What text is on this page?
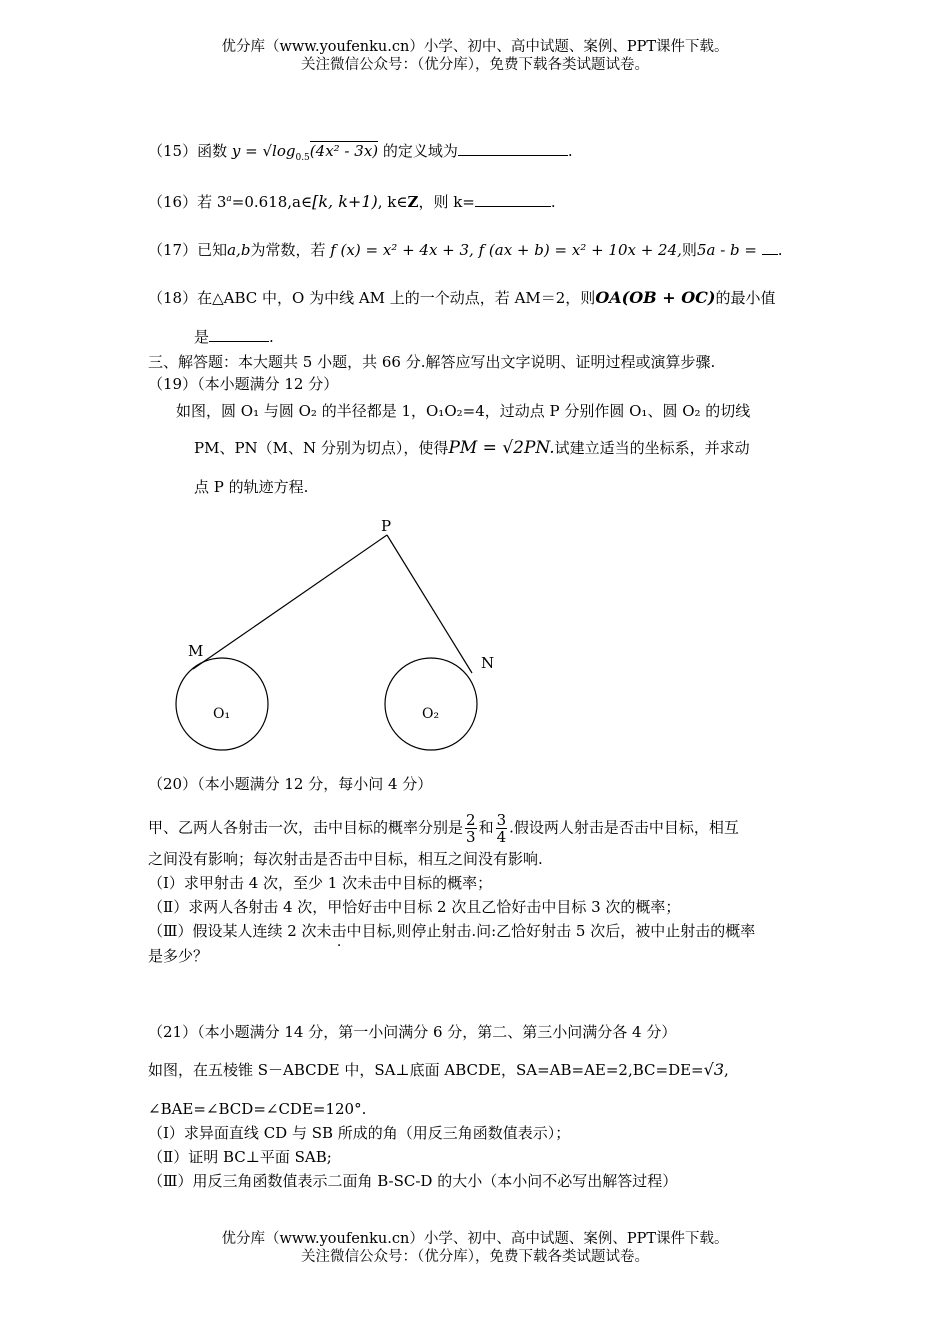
优分库（www.youfenku.cn）小学、初中、高中试题、案例、PPT课件下载。
关注微信公众号：（优分库），免费下载各类试题试卷。
（15）函数 $y = √\log_{0.5}(4x^2 - 3x)$ 的定义域为	.
（16）若 $3^a=0.618,a\in[k$, k+1), k∈Z，则 k=	.
（17）已知a,b为常数，若 f (x) = x² + 4x + 3, f (ax + b) = x² + 10x + 24,则5a - b = .
（18）在△ABC 中，O 为中线 AM 上的一个动点，若 AM＝2，则OA(OB + OC)的最小值
是	.
三、解答题：本大题共 5 小题，共 66 分.解答应写出文字说明、证明过程或演算步骤.
（19）（本小题满分 12 分）
如图，圆 O₁ 与圆 O₂ 的半径都是 1，O₁O₂=4，过动点 P 分别作圆 O₁、圆 O₂ 的切线
PM、PN（M、N 分别为切点），使得PM = √2PN.试建立适当的坐标系，并求动
点 P 的轨迹方程.
P
M
N
O₁	O₂
（20）（本小题满分 12 分，每小问 4 分）
甲、乙两人各射击一次，击中目标的概率分别是 $\frac{2}{3}$ 和 $\frac{3}{4}$ .假设两人射击是否击中目标，相互
之间没有影响；每次射击是否击中目标，相互之间没有影响.
（Ⅰ）求甲射击 4 次，至少 1 次未击中目标的概率；
（Ⅱ）求两人各射击 4 次，甲恰好击中目标 2 次且乙恰好击中目标 3 次的概率；
（Ⅲ）假设某人连续 2 次未击中目标,则停止射击.问:乙恰好射击 5 次后，被中止射击的概率
是多少？
（21）（本小题满分 14 分，第一小问满分 6 分，第二、第三小问满分各 4 分）
如图，在五棱锥 S－ABCDE 中，SA⊥底面 ABCDE，SA=AB=AE=2,BC=DE=√3,
∠BAE=∠BCD=∠CDE=120°.
（Ⅰ）求异面直线 CD 与 SB 所成的角（用反三角函数值表示）；
（Ⅱ）证明 BC⊥平面 SAB;
（Ⅲ）用反三角函数值表示二面角 B-SC-D 的大小（本小问不必写出解答过程）
优分库（www.youfenku.cn）小学、初中、高中试题、案例、PPT课件下载。
关注微信公众号：（优分库），免费下载各类试题试卷。
